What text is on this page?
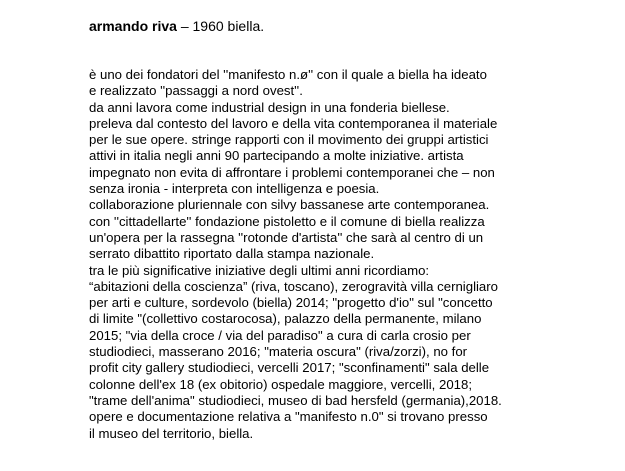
armando riva – 1960 biella.
è uno dei fondatori del ''manifesto n.ø'' con il quale a biella ha ideato
e realizzato ''passaggi a nord ovest''.
da anni lavora come industrial design in una fonderia biellese.
preleva dal contesto del lavoro e della vita contemporanea il materiale
per le sue opere. stringe rapporti con il movimento dei gruppi artistici
attivi in italia negli anni 90 partecipando a molte iniziative. artista
impegnato non evita di affrontare i problemi contemporanei che – non
senza ironia - interpreta con intelligenza e poesia.
collaborazione pluriennale con silvy bassanese arte contemporanea.
con ''cittadellarte'' fondazione pistoletto e il comune di biella realizza
un'opera per la rassegna ''rotonde d'artista'' che sarà al centro di un
serrato dibattito riportato dalla stampa nazionale.
tra le più significative iniziative degli ultimi anni ricordiamo:
“abitazioni della coscienza” (riva, toscano), zerogravità villa cernigliaro
per arti e culture, sordevolo (biella) 2014; "progetto d'io" sul "concetto
di limite "(collettivo costarocosa), palazzo della permanente, milano
2015; "via della croce / via del paradiso" a cura di carla crosio per
studiodieci, masserano 2016; "materia oscura" (riva/zorzi), no for
profit city gallery studiodieci, vercelli 2017; "sconfinamenti" sala delle
colonne dell'ex 18 (ex obitorio) ospedale maggiore, vercelli, 2018;
"trame dell'anima" studiodieci, museo di bad hersfeld (germania),2018.
opere e documentazione relativa a "manifesto n.0" si trovano presso
il museo del territorio, biella.
